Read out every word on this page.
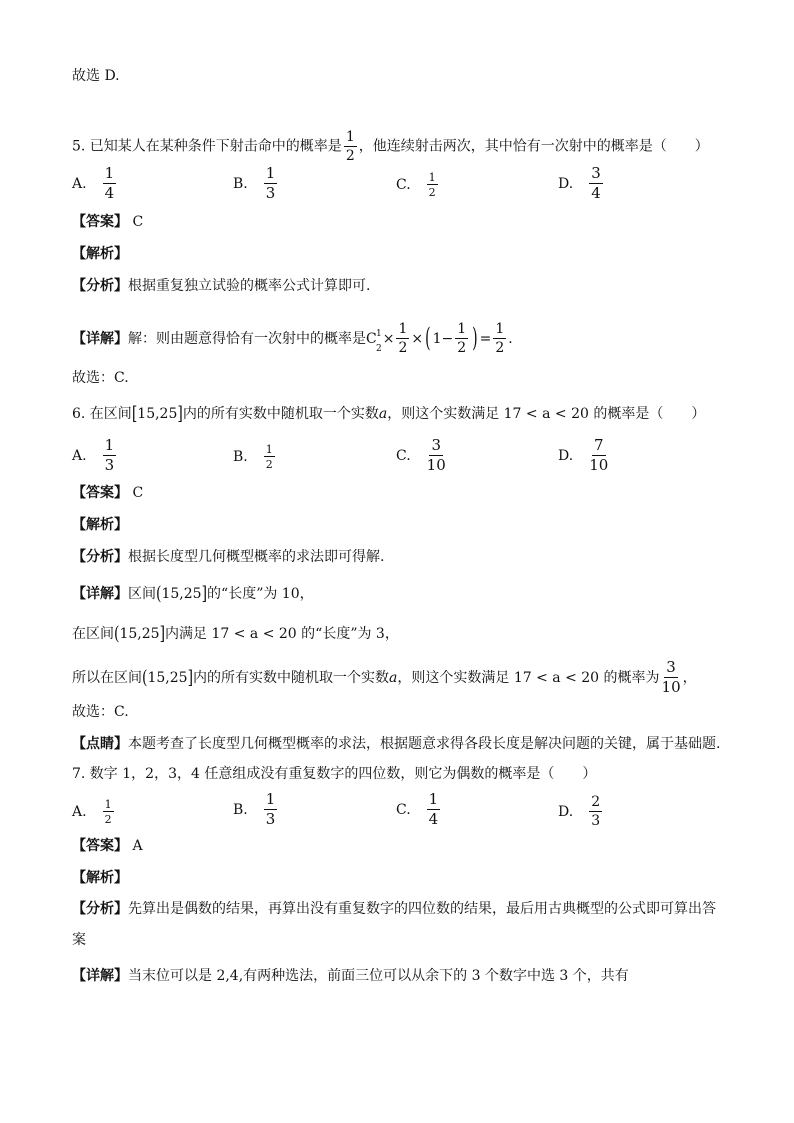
故选 D.
5. 已知某人在某种条件下射击命中的概率是 $\frac{1}{2}$ ，他连续射击两次，其中恰有一次射中的概率是（　　）
A. $\frac{1}{4}$	B. $\frac{1}{3}$	C. $\frac{1}{2}$	D. $\frac{3}{4}$
【答案】 C
【解析】
【分析】根据重复独立试验的概率公式计算即可.
【详解】 解：则由题意得恰有一次射中的概率是 C 1
2
× $\frac{1}{2}$ × ( $1- \frac{1}{2}$ ) = $\frac{1}{2}$ .
故选：C.
6. 在区间[15,25]内的所有实数中随机取一个实数a，则这个实数满足 17 < a < 20 的概率是（　　）
A. $\frac{1}{3}$	B. $\frac{1}{2}$	C. $\frac{3}{10}$	D. $\frac{7}{10}$
【答案】 C
【解析】
【分析】根据长度型几何概型概率的求法即可得解.
【详解】区间(15,25]的“长度”为 10，
在区间(15,25]内满足 17 < a < 20 的“长度”为 3，
所以在区间 ( 15,25 ] 内的所有实数中随机取一个实数 a ，则这个实数满足 17 < a < 20 的概率为 $\frac{3}{10}$ ，
故选：C.
【点睛】本题考查了长度型几何概型概率的求法，根据题意求得各段长度是解决问题的关键，属于基础题.
7. 数字 1，2，3，4 任意组成没有重复数字的四位数，则它为偶数的概率是（　　）
A. $\frac{1}{2}$	B. $\frac{1}{3}$	C. $\frac{1}{4}$	D. $\frac{2}{3}$
【答案】 A
【解析】
【分析】先算出是偶数的结果，再算出没有重复数字的四位数的结果，最后用古典概型的公式即可算出答
案
【详解】当末位可以是 2,4,有两种选法，前面三位可以从余下的 3 个数字中选 3 个，共有
